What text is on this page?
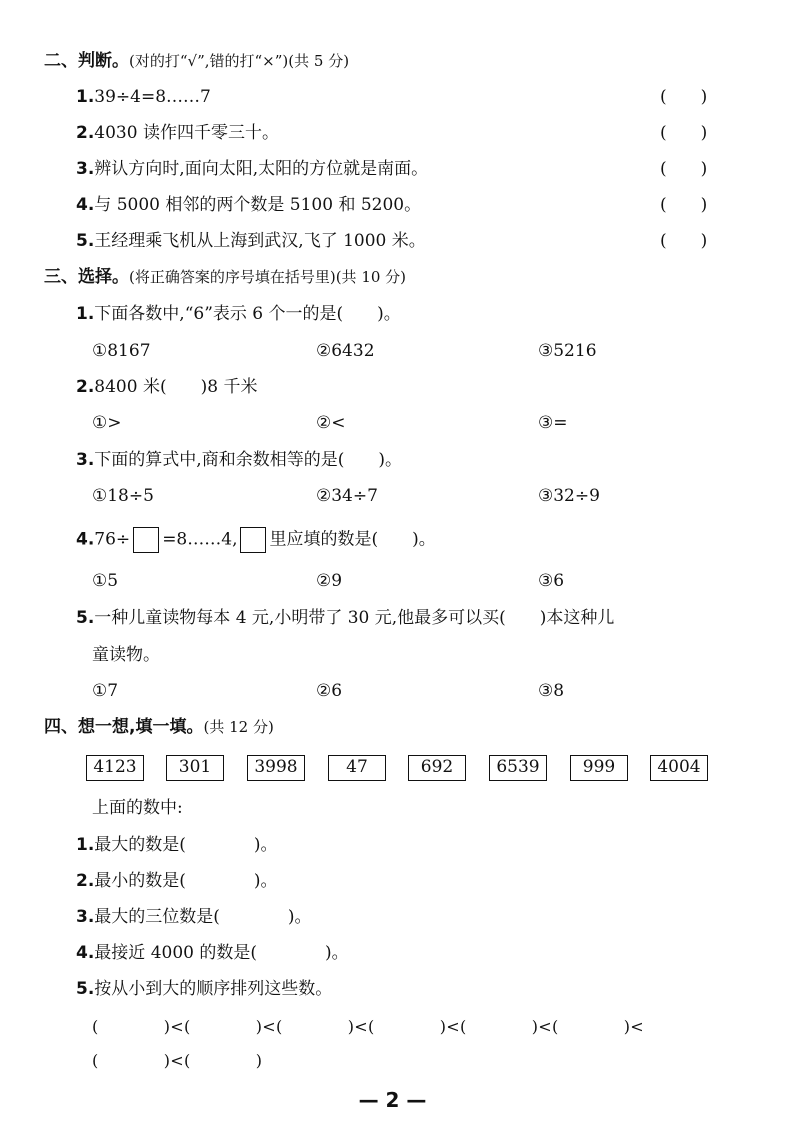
二、判断。(对的打“√”,错的打“×”)(共 5 分)
1.39÷4=8……7	(　　)
2.4030 读作四千零三十。	(　　)
3.辨认方向时,面向太阳,太阳的方位就是南面。	(　　)
4.与 5000 相邻的两个数是 5100 和 5200。	(　　)
5.王经理乘飞机从上海到武汉,飞了 1000 米。	(　　)
三、选择。(将正确答案的序号填在括号里)(共 10 分)
1.下面各数中,“6”表示 6 个一的是(　　)。
①8167	②6432	③5216
2.8400 米(　　)8 千米
①>	②<	③=
3.下面的算式中,商和余数相等的是(　　)。
①18÷5	②34÷7	③32÷9
4.76÷ =8……4, 里应填的数是(　　)。
①5	②9	③6
5.一种儿童读物每本 4 元,小明带了 30 元,他最多可以买(　　)本这种儿
童读物。
①7	②6	③8
四、想一想,填一填。(共 12 分)
4123	301	3998	47	692	6539	999	4004
上面的数中:
1.最大的数是(　　　　)。
2.最小的数是(　　　　)。
3.最大的三位数是(　　　　)。
4.最接近 4000 的数是(　　　　)。
5.按从小到大的顺序排列这些数。
(　　　　)<(　　　　)<(　　　　)<(　　　　)<(　　　　)<(　　　　)<
(　　　　)<(　　　　)
— 2 —
